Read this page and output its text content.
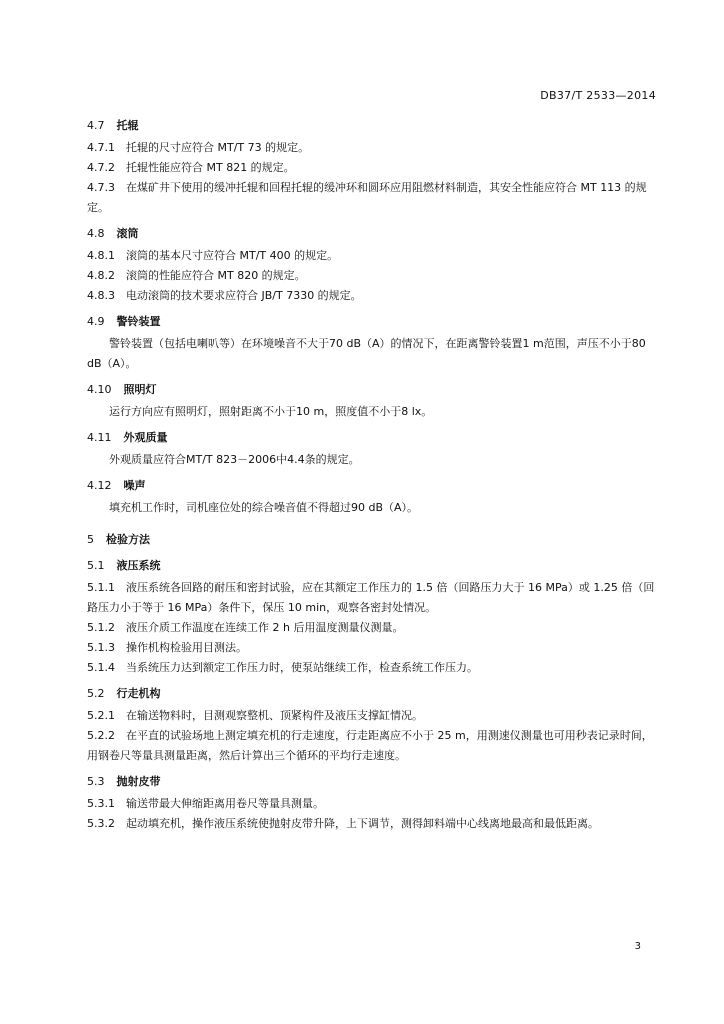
DB37/T 2533—2014
4.7 托辊
4.7.1　托辊的尺寸应符合 MT/T 73 的规定。
4.7.2　托辊性能应符合 MT 821 的规定。
4.7.3　在煤矿井下使用的缓冲托辊和回程托辊的缓冲环和圆环应用阻燃材料制造，其安全性能应符合 MT 113 的规定。
4.8 滚筒
4.8.1　滚筒的基本尺寸应符合 MT/T 400 的规定。
4.8.2　滚筒的性能应符合 MT 820 的规定。
4.8.3　电动滚筒的技术要求应符合 JB/T 7330 的规定。
4.9 警铃装置
警铃装置（包括电喇叭等）在环境噪音不大于70 dB（A）的情况下，在距离警铃装置1 m范围，声压不小于80 dB（A）。
4.10 照明灯
运行方向应有照明灯，照射距离不小于10 m，照度值不小于8 lx。
4.11 外观质量
外观质量应符合MT/T 823－2006中4.4条的规定。
4.12 噪声
填充机工作时，司机座位处的综合噪音值不得超过90 dB（A）。
5 检验方法
5.1 液压系统
5.1.1　液压系统各回路的耐压和密封试验，应在其额定工作压力的 1.5 倍（回路压力大于 16 MPa）或 1.25 倍（回路压力小于等于 16 MPa）条件下，保压 10 min，观察各密封处情况。
5.1.2　液压介质工作温度在连续工作 2 h 后用温度测量仪测量。
5.1.3　操作机构检验用目测法。
5.1.4　当系统压力达到额定工作压力时，使泵站继续工作，检查系统工作压力。
5.2 行走机构
5.2.1　在输送物料时，目测观察整机、顶紧构件及液压支撑缸情况。
5.2.2　在平直的试验场地上测定填充机的行走速度，行走距离应不小于 25 m，用测速仪测量也可用秒表记录时间，用钢卷尺等量具测量距离，然后计算出三个循环的平均行走速度。
5.3 抛射皮带
5.3.1　输送带最大伸缩距离用卷尺等量具测量。
5.3.2　起动填充机，操作液压系统使抛射皮带升降，上下调节，测得卸料端中心线离地最高和最低距离。
3
